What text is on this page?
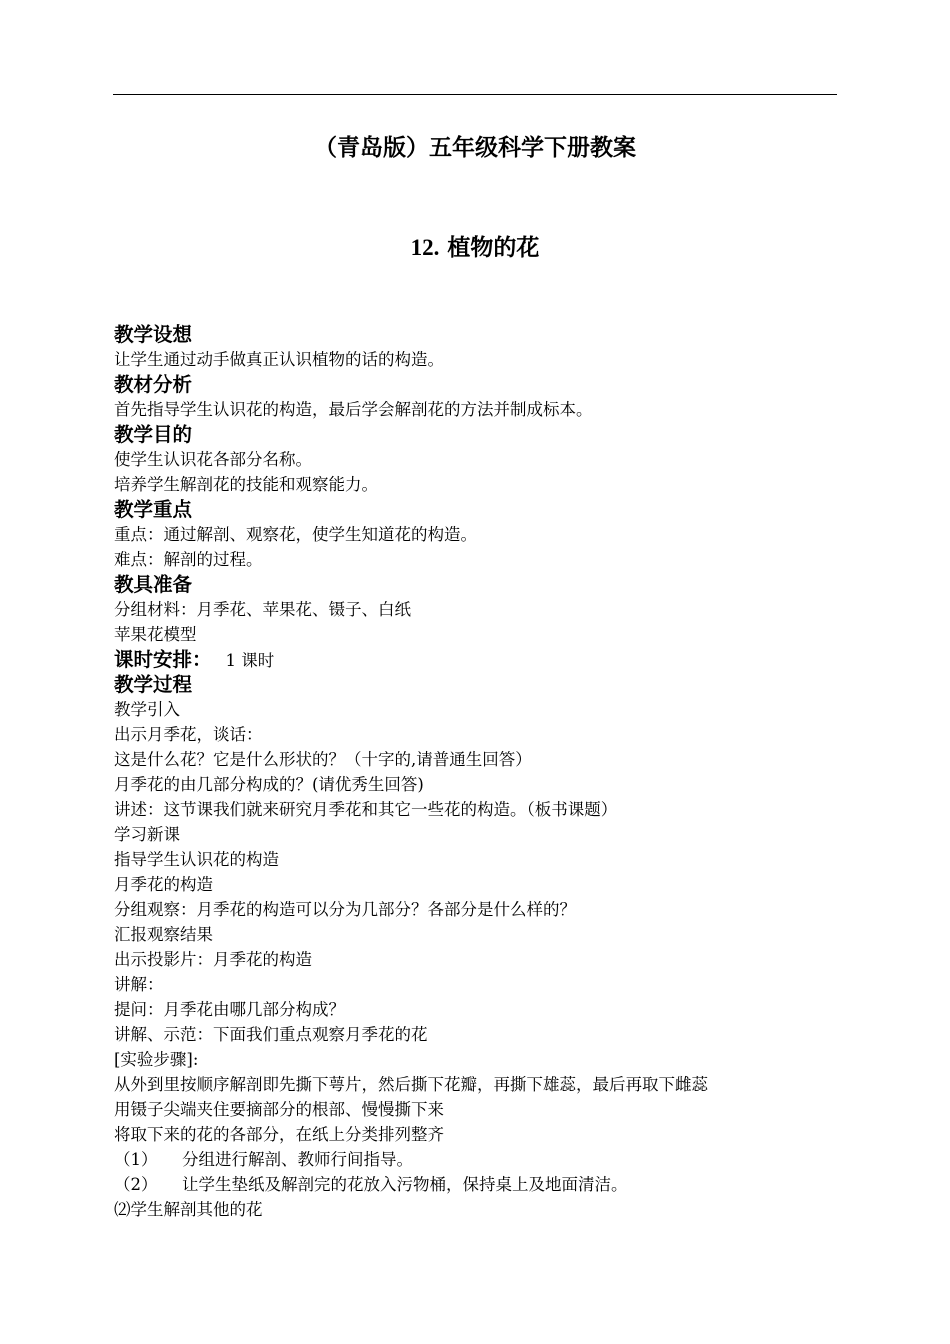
（青岛版）五年级科学下册教案
12. 植物的花
教学设想
让学生通过动手做真正认识植物的话的构造。
教材分析
首先指导学生认识花的构造，最后学会解剖花的方法并制成标本。
教学目的
使学生认识花各部分名称。
培养学生解剖花的技能和观察能力。
教学重点
重点：通过解剖、观察花，使学生知道花的构造。
难点：解剖的过程。
教具准备
分组材料：月季花、苹果花、镊子、白纸
苹果花模型
课时安排： 1 课时
教学过程
教学引入
出示月季花，谈话：
这是什么花？它是什么形状的？（十字的,请普通生回答）
月季花的由几部分构成的？(请优秀生回答)
讲述：这节课我们就来研究月季花和其它一些花的构造。（板书课题）
学习新课
指导学生认识花的构造
月季花的构造
分组观察：月季花的构造可以分为几部分？各部分是什么样的？
汇报观察结果
出示投影片：月季花的构造
讲解：
提问：月季花由哪几部分构成？
讲解、示范：下面我们重点观察月季花的花
[实验步骤]:
从外到里按顺序解剖即先撕下萼片，然后撕下花瓣，再撕下雄蕊，最后再取下雌蕊
用镊子尖端夹住要摘部分的根部、慢慢撕下来
将取下来的花的各部分，在纸上分类排列整齐
（1） 分组进行解剖、教师行间指导。
（2） 让学生垫纸及解剖完的花放入污物桶，保持桌上及地面清洁。
⑵学生解剖其他的花
